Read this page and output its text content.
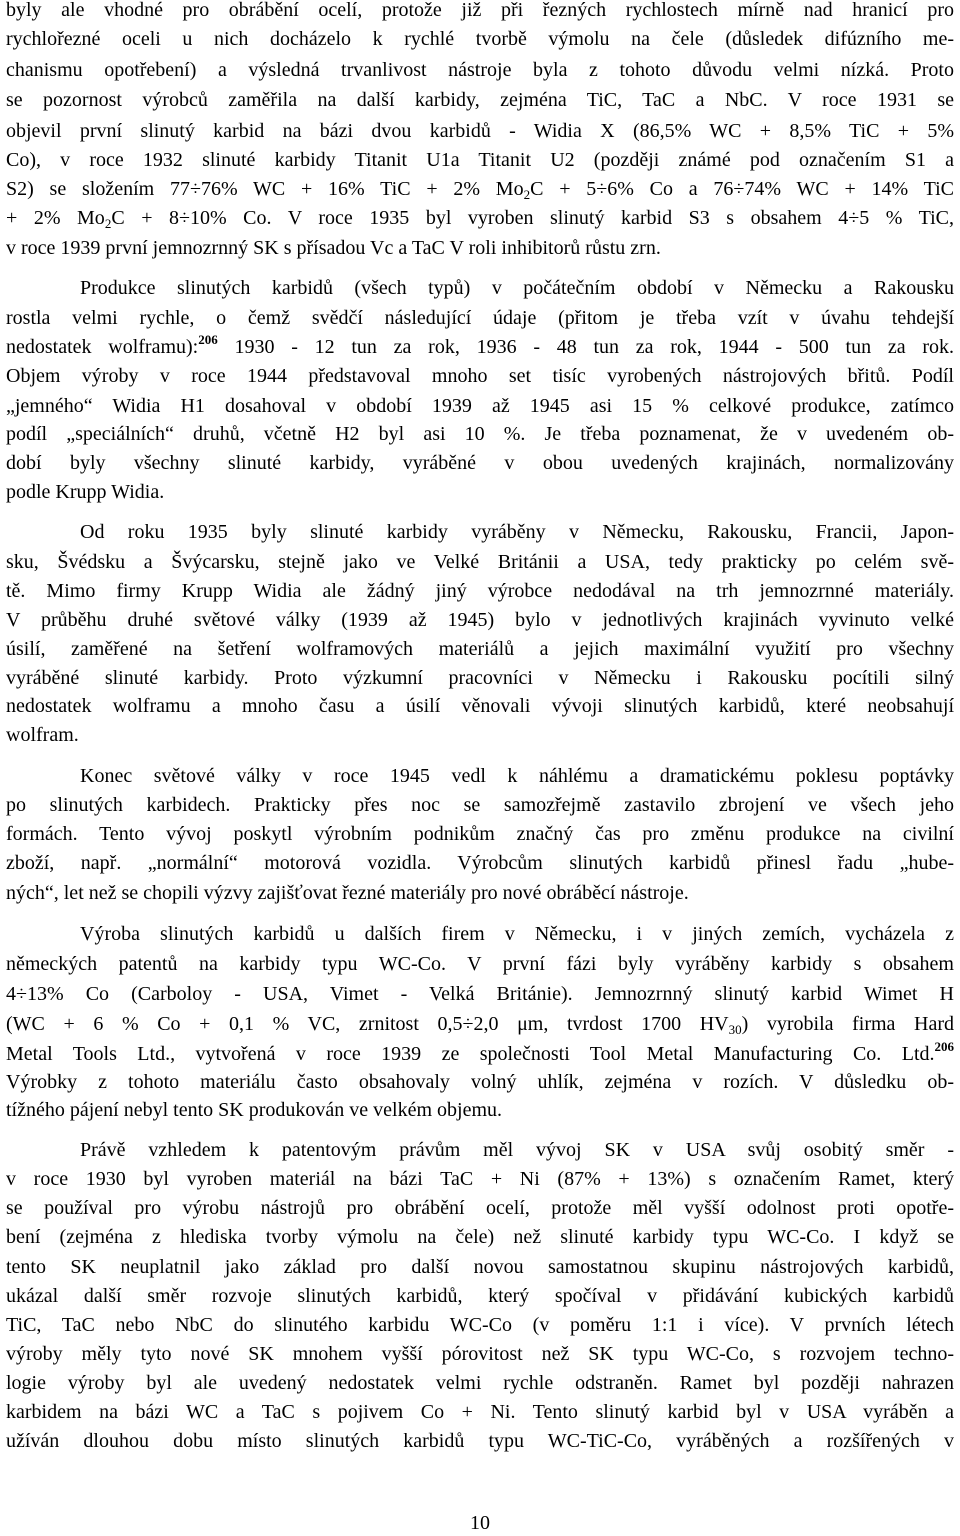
byly ale vhodné pro obrábění ocelí, protože již při řezných rychlostech mírně nad hranicí pro
rychlořezné oceli u nich docházelo k rychlé tvorbě výmolu na čele (důsledek difúzního me-
chanismu opotřebení) a výsledná trvanlivost nástroje byla z tohoto důvodu velmi nízká. Proto
se pozornost výrobců zaměřila na další karbidy, zejména TiC, TaC a NbC. V roce 1931 se
objevil první slinutý karbid na bázi dvou karbidů - Widia X (86,5% WC + 8,5% TiC + 5%
Co), v roce 1932 slinuté karbidy Titanit U1a Titanit U2 (později známé pod označením S1 a
S2) se složením 77÷76% WC + 16% TiC + 2% $Mo_2C + 5\div 6\%$ Co a 76÷74% WC + 14% TiC
+ 2% $Mo_2C + 8\div 10\%$ Co. V roce 1935 byl vyroben slinutý karbid S3 s obsahem 4÷5 % TiC,
v roce 1939 první jemnozrnný SK s přísadou Vc a TaC V roli inhibitorů růstu zrn.
Produkce slinutých karbidů (všech typů) v počátečním období v Německu a Rakousku
rostla velmi rychle, o čemž svědčí následující údaje (přitom je třeba vzít v úvahu tehdejší
nedostatek wolframu):$^{206}$ 1930 - 12 tun za rok, 1936 - 48 tun za rok, 1944 - 500 tun za rok.
Objem výroby v roce 1944 představoval mnoho set tisíc vyrobených nástrojových břitů. Podíl
„jemného“ Widia H1 dosahoval v období 1939 až 1945 asi 15 % celkové produkce, zatímco
podíl „speciálních“ druhů, včetně H2 byl asi 10 %. Je třeba poznamenat, že v uvedeném ob-
dobí byly všechny slinuté karbidy, vyráběné v obou uvedených krajinách, normalizovány
podle Krupp Widia.
Od roku 1935 byly slinuté karbidy vyráběny v Německu, Rakousku, Francii, Japon-
sku, Švédsku a Švýcarsku, stejně jako ve Velké Británii a USA, tedy prakticky po celém svě-
tě. Mimo firmy Krupp Widia ale žádný jiný výrobce nedodával na trh jemnozrnné materiály.
V průběhu druhé světové války (1939 až 1945) bylo v jednotlivých krajinách vyvinuto velké
úsilí, zaměřené na šetření wolframových materiálů a jejich maximální využití pro všechny
vyráběné slinuté karbidy. Proto výzkumní pracovníci v Německu i Rakousku pocítili silný
nedostatek wolframu a mnoho času a úsilí věnovali vývoji slinutých karbidů, které neobsahují
wolfram.
Konec světové války v roce 1945 vedl k náhlému a dramatickému poklesu poptávky
po slinutých karbidech. Prakticky přes noc se samozřejmě zastavilo zbrojení ve všech jeho
formách. Tento vývoj poskytl výrobním podnikům značný čas pro změnu produkce na civilní
zboží, např. „normální“ motorová vozidla. Výrobcům slinutých karbidů přinesl řadu „hube-
ných“, let než se chopili výzvy zajišťovat řezné materiály pro nové obráběcí nástroje.
Výroba slinutých karbidů u dalších firem v Německu, i v jiných zemích, vycházela z
německých patentů na karbidy typu WC-Co. V první fázi byly vyráběny karbidy s obsahem
4÷13% Co (Carboloy - USA, Vimet - Velká Británie). Jemnozrnný slinutý karbid Wimet H
(WC + 6 % Co + 0,1 % VC, zrnitost 0,5÷2,0 μm, tvrdost 1700 $HV_{30}$) vyrobila firma Hard
Metal Tools Ltd., vytvořená v roce 1939 ze společnosti Tool Metal Manufacturing Co. Ltd.$^{206}$
Výrobky z tohoto materiálu často obsahovaly volný uhlík, zejména v rozích. V důsledku ob-
tížného pájení nebyl tento SK produkován ve velkém objemu.
Právě vzhledem k patentovým právům měl vývoj SK v USA svůj osobitý směr -
v roce 1930 byl vyroben materiál na bázi TaC + Ni (87% + 13%) s označením Ramet, který
se používal pro výrobu nástrojů pro obrábění ocelí, protože měl vyšší odolnost proti opotře-
bení (zejména z hlediska tvorby výmolu na čele) než slinuté karbidy typu WC-Co. I když se
tento SK neuplatnil jako základ pro další novou samostatnou skupinu nástrojových karbidů,
ukázal další směr rozvoje slinutých karbidů, který spočíval v přidávání kubických karbidů
TiC, TaC nebo NbC do slinutého karbidu WC-Co (v poměru 1:1 i více). V prvních létech
výroby měly tyto nové SK mnohem vyšší pórovitost než SK typu WC-Co, s rozvojem techno-
logie výroby byl ale uvedený nedostatek velmi rychle odstraněn. Ramet byl později nahrazen
karbidem na bázi WC a TaC s pojivem Co + Ni. Tento slinutý karbid byl v USA vyráběn a
užíván dlouhou dobu místo slinutých karbidů typu WC-TiC-Co, vyráběných a rozšířených v
10
